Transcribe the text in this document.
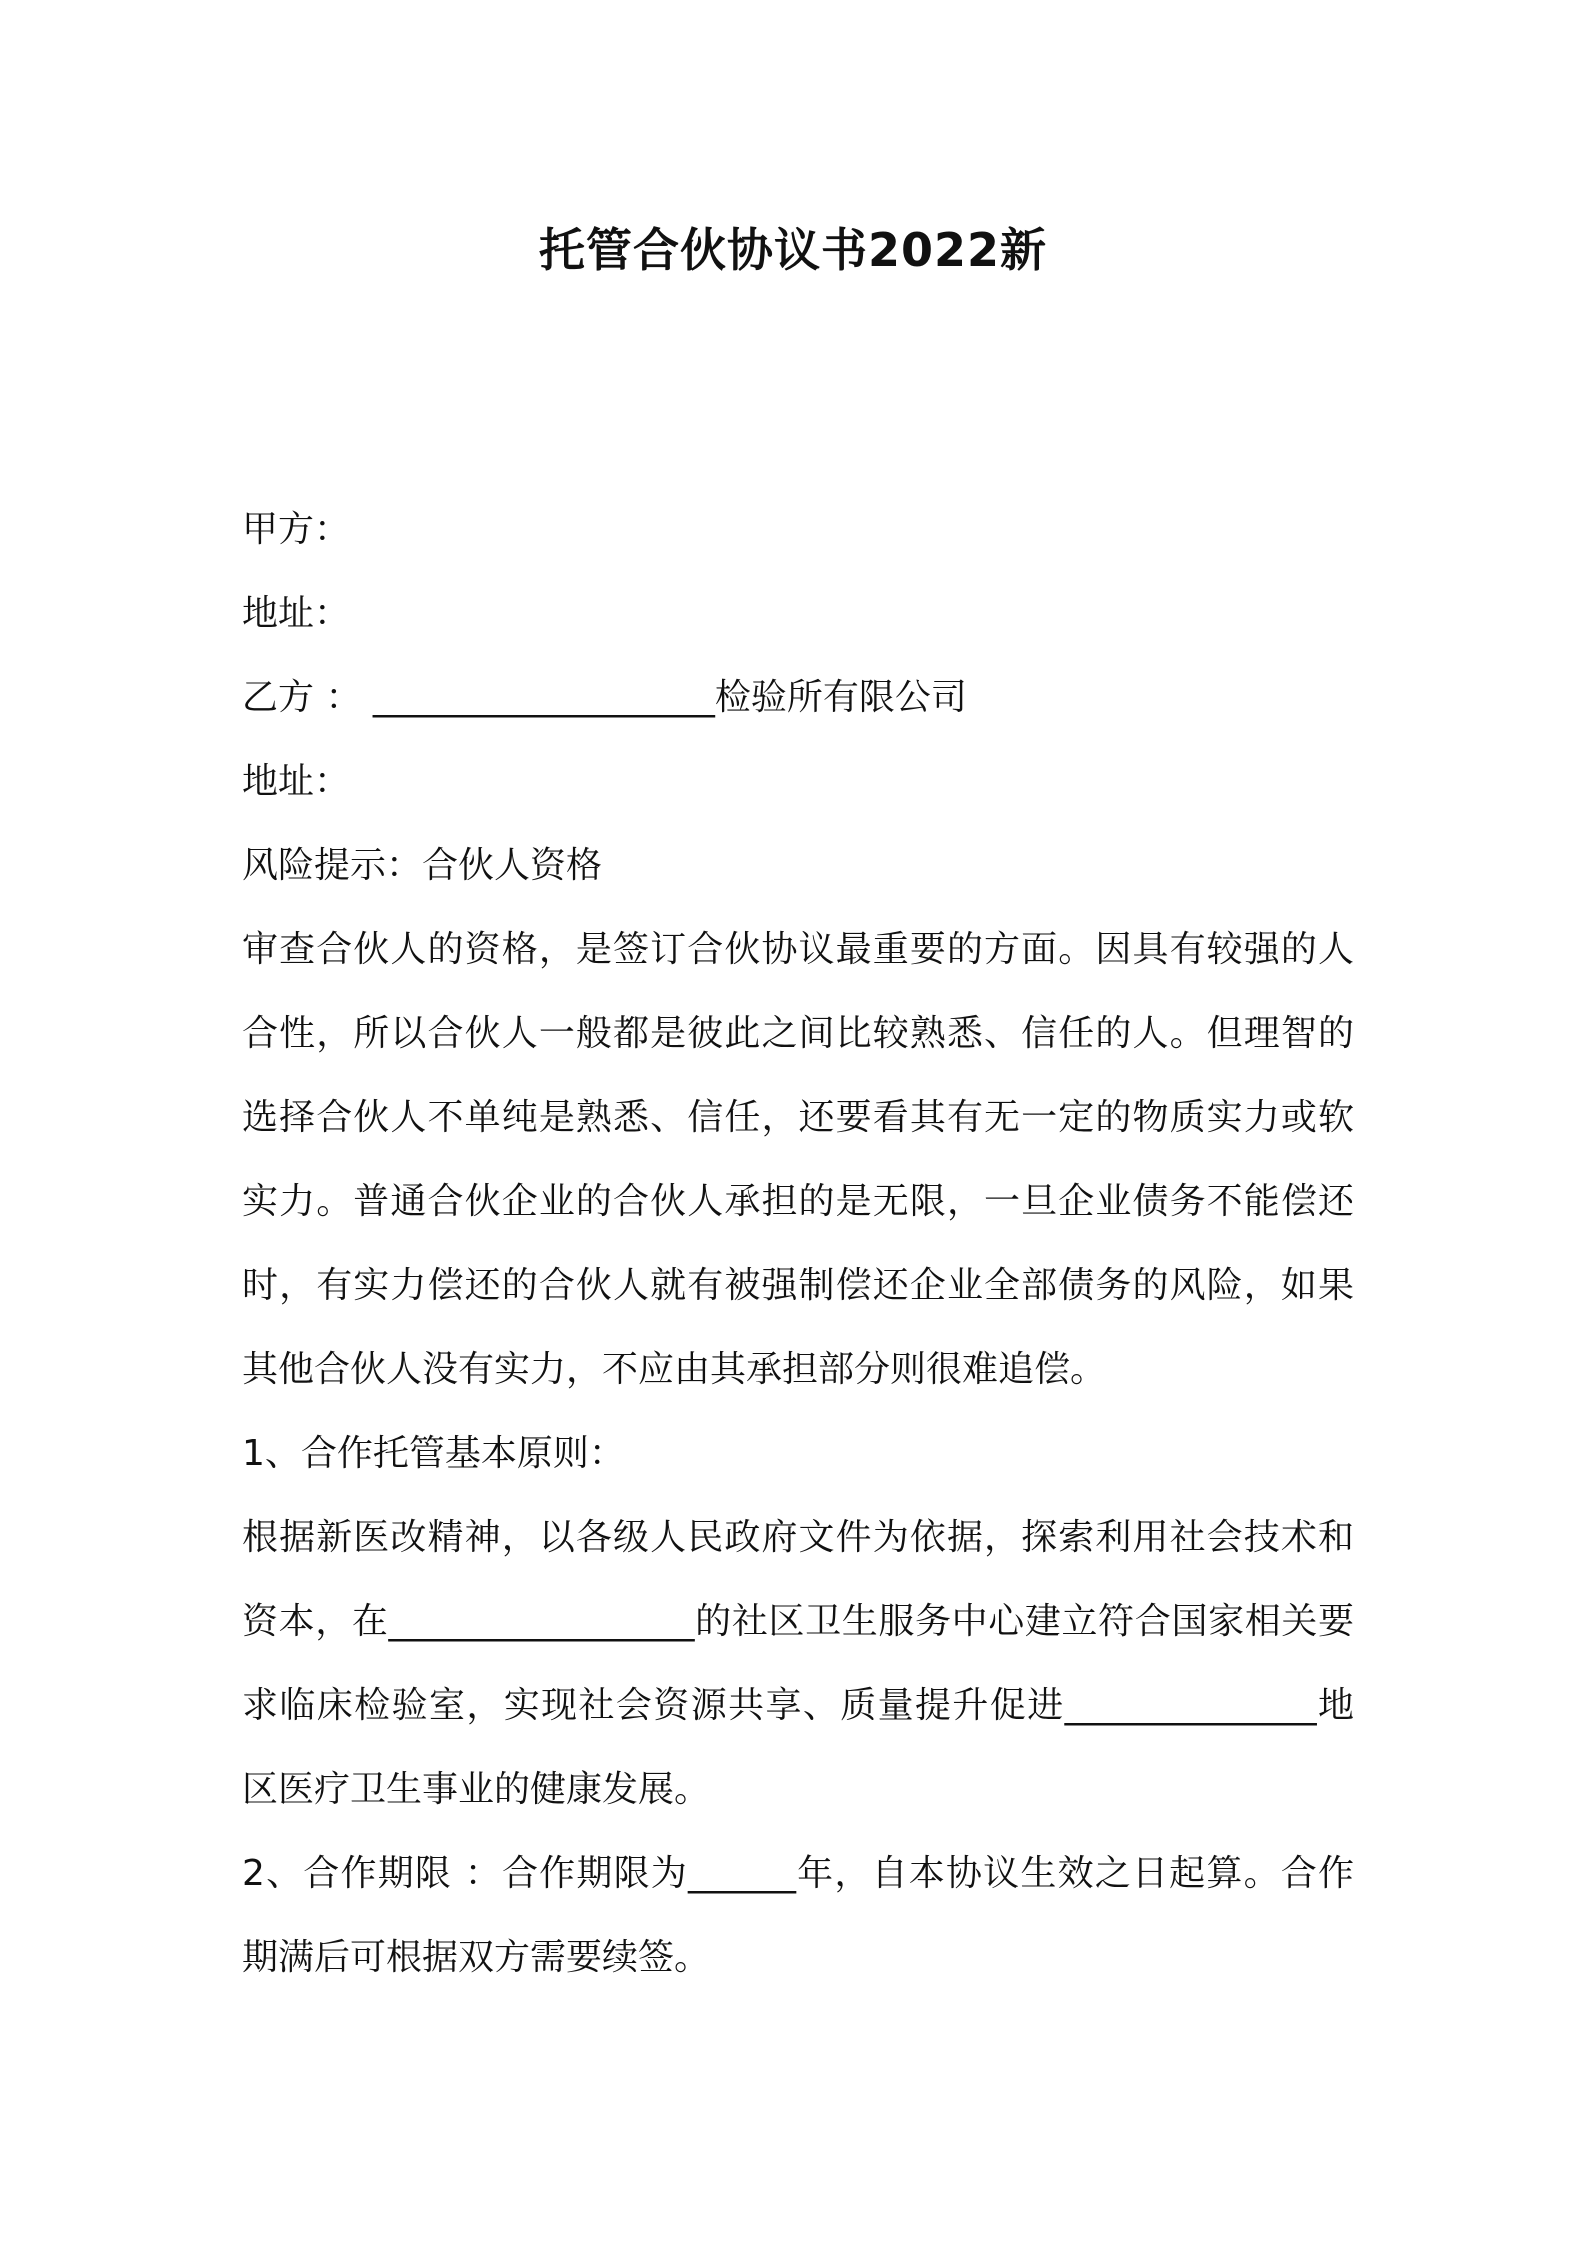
托管合伙协议书2022新

甲方：

地址：

乙方 ： ___________________检验所有限公司

地址：

风险提示：合伙人资格

审查合伙人的资格，是签订合伙协议最重要的方面。因具有较强的人合性，所以合伙人一般都是彼此之间比较熟悉、信任的人。但理智的选择合伙人不单纯是熟悉、信任，还要看其有无一定的物质实力或软实力。普通合伙企业的合伙人承担的是无限，一旦企业债务不能偿还时，有实力偿还的合伙人就有被强制偿还企业全部债务的风险，如果其他合伙人没有实力，不应由其承担部分则很难追偿。

1、合作托管基本原则：

根据新医改精神，以各级人民政府文件为依据，探索利用社会技术和资本，在_________________的社区卫生服务中心建立符合国家相关要求临床检验室，实现社会资源共享、质量提升促进______________地区医疗卫生事业的健康发展。

2、合作期限 ：合作期限为______年，自本协议生效之日起算。合作期满后可根据双方需要续签。
